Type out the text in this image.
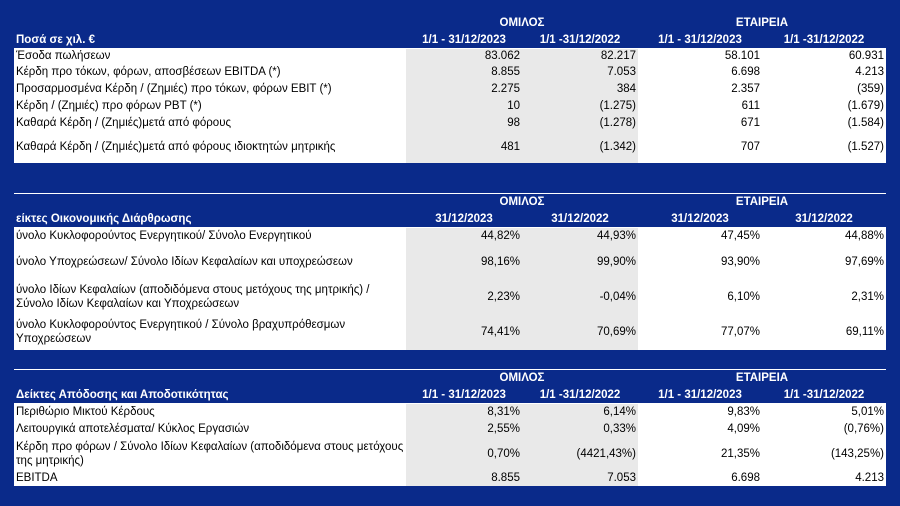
	ΟΜΙΛΟΣ		ΕΤΑΙΡΕΙΑ	
Ποσά σε χιλ. €	1/1 - 31/12/2023	1/1 -31/12/2022	1/1 - 31/12/2023	1/1 -31/12/2022
Έσοδα πωλήσεων	83.062	82.217	58.101	60.931
Κέρδη προ τόκων, φόρων, αποσβέσεων EBITDA (*)	8.855	7.053	6.698	4.213
Προσαρμοσμένα Κέρδη / (Ζημιές) προ τόκων, φόρων EBIT (*)	2.275	384	2.357	(359)
Κέρδη / (Ζημιές) προ φόρων PBT (*)	10	(1.275)	611	(1.679)
Καθαρά Κέρδη / (Ζημιές)μετά από φόρους	98	(1.278)	671	(1.584)
Καθαρά Κέρδη / (Ζημιές)μετά από φόρους ιδιοκτητών μητρικής	481	(1.342)	707	(1.527)
	ΟΜΙΛΟΣ		ΕΤΑΙΡΕΙΑ	
είκτες Οικονομικής Διάρθρωσης	31/12/2023	31/12/2022	31/12/2023	31/12/2022
ύνολο Κυκλοφορούντος Ενεργητικού/ Σύνολο Ενεργητικού	44,82%	44,93%	47,45%	44,88%
ύνολο Υποχρεώσεων/ Σύνολο Ιδίων Κεφαλαίων και υποχρεώσεων	98,16%	99,90%	93,90%	97,69%
ύνολο Ιδίων Κεφαλαίων (αποδιδόμενα στους μετόχους της μητρικής) / Σύνολο Ιδίων Κεφαλαίων και Υποχρεώσεων	2,23%	-0,04%	6,10%	2,31%
ύνολο Κυκλοφορούντος Ενεργητικού / Σύνολο βραχυπρόθεσμων Υποχρεώσεων	74,41%	70,69%	77,07%	69,11%
	ΟΜΙΛΟΣ		ΕΤΑΙΡΕΙΑ	
Δείκτες Απόδοσης και Αποδοτικότητας	1/1 - 31/12/2023	1/1 -31/12/2022	1/1 - 31/12/2023	1/1 -31/12/2022
Περιθώριο Μικτού Κέρδους	8,31%	6,14%	9,83%	5,01%
Λειτουργικά αποτελέσματα/ Κύκλος Εργασιών	2,55%	0,33%	4,09%	(0,76%)
Κέρδη προ φόρων / Σύνολο Ιδίων Κεφαλαίων (αποδιδόμενα στους μετόχους της μητρικής)	0,70%	(4421,43%)	21,35%	(143,25%)
EBITDA	8.855	7.053	6.698	4.213
